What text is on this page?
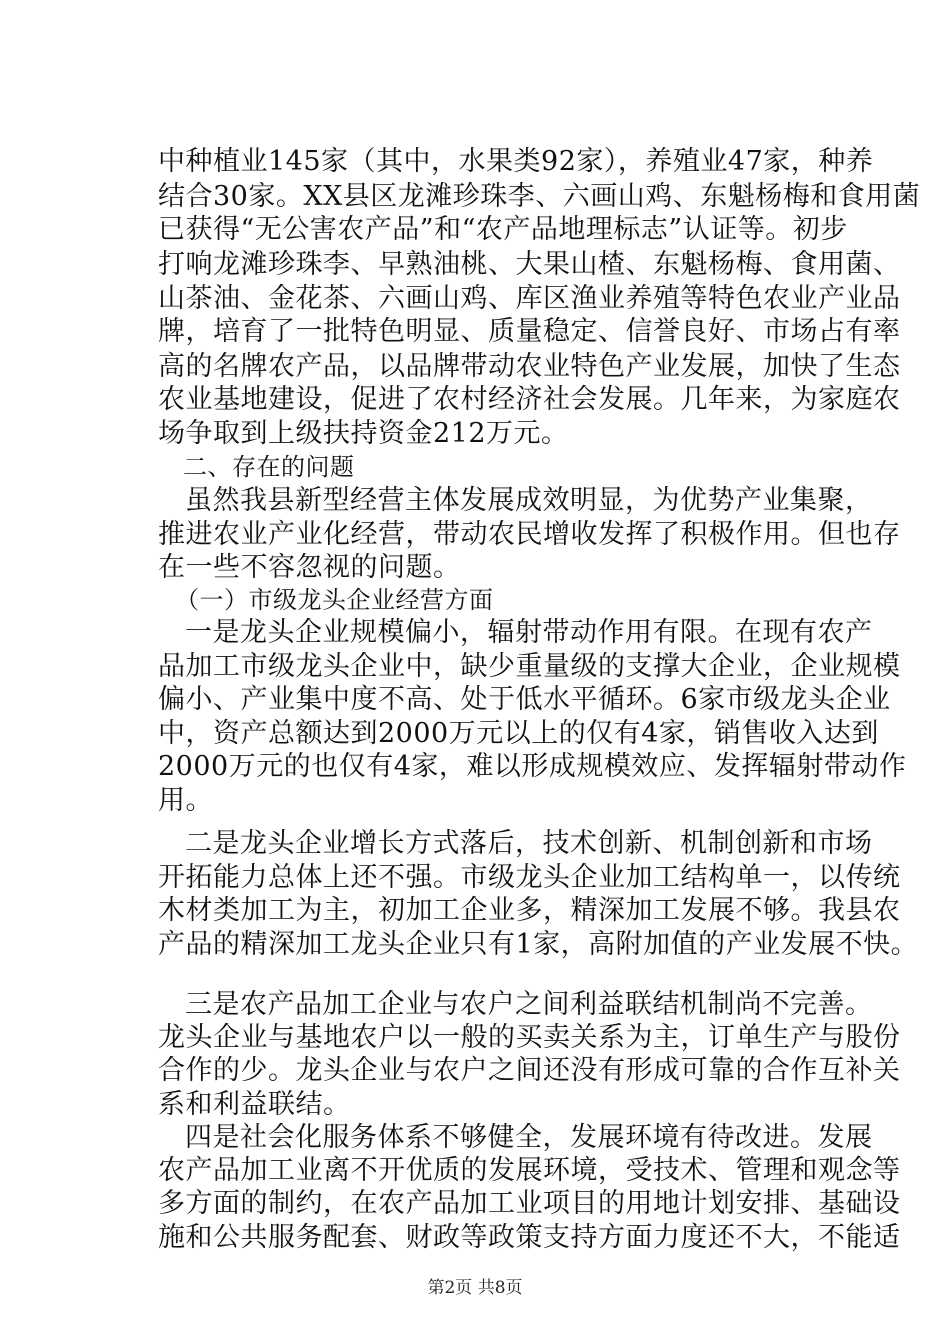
中种植业145家（其中，水果类92家），养殖业47家，种养
结合30家。XX县区龙滩珍珠李、六画山鸡、东魁杨梅和食用菌
已获得“无公害农产品”和“农产品地理标志”认证等。初步
打响龙滩珍珠李、早熟油桃、大果山楂、东魁杨梅、食用菌、
山茶油、金花茶、六画山鸡、库区渔业养殖等特色农业产业品
牌，培育了一批特色明显、质量稳定、信誉良好、市场占有率
高的名牌农产品，以品牌带动农业特色产业发展，加快了生态
农业基地建设，促进了农村经济社会发展。几年来，为家庭农
场争取到上级扶持资金212万元。
二、存在的问题
虽然我县新型经营主体发展成效明显，为优势产业集聚，
推进农业产业化经营，带动农民增收发挥了积极作用。但也存
在一些不容忽视的问题。
（一）市级龙头企业经营方面
一是龙头企业规模偏小，辐射带动作用有限。在现有农产
品加工市级龙头企业中，缺少重量级的支撑大企业，企业规模
偏小、产业集中度不高、处于低水平循环。6家市级龙头企业
中，资产总额达到2000万元以上的仅有4家，销售收入达到
2000万元的也仅有4家，难以形成规模效应、发挥辐射带动作
用。
二是龙头企业增长方式落后，技术创新、机制创新和市场
开拓能力总体上还不强。市级龙头企业加工结构单一，以传统
木材类加工为主，初加工企业多，精深加工发展不够。我县农
产品的精深加工龙头企业只有1家，高附加值的产业发展不快。
三是农产品加工企业与农户之间利益联结机制尚不完善。
龙头企业与基地农户以一般的买卖关系为主，订单生产与股份
合作的少。龙头企业与农户之间还没有形成可靠的合作互补关
系和利益联结。
四是社会化服务体系不够健全，发展环境有待改进。发展
农产品加工业离不开优质的发展环境，受技术、管理和观念等
多方面的制约，在农产品加工业项目的用地计划安排、基础设
施和公共服务配套、财政等政策支持方面力度还不大，不能适
第2页 共8页
